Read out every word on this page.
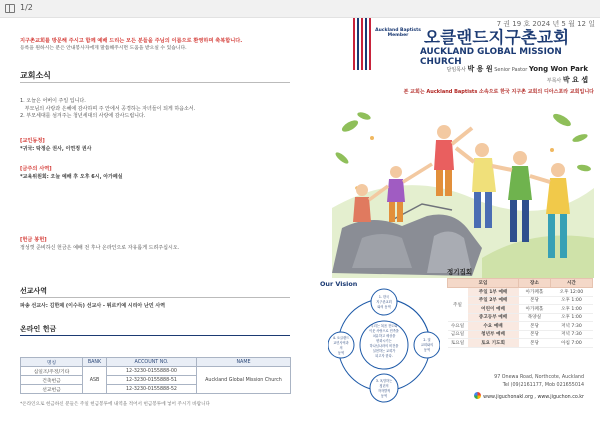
1/2
지구촌교회를 방문해 주시고 함께 예배 드리는 모든 분들을 주님의 이름으로 환영하며 축복합니다.
등록을 원하시는 분은 안내봉사자에게 말씀해주시면 도움을 받으실 수 있습니다.
교회소식
1. 오늘은 어버이 주일 입니다.
부모님의 사랑과 은혜에 감사하며 주 안에서 공경하는 자녀들이 되게 하옵소서.
2. 부모세대를 섬겨주는 청년세대의 사랑에 감사드립니다.
[교인동정]
*귀국: 탁정순 권사, 이연정 권사
[금주의 사역]
*교육위원회: 오늘 예배 후 오후 6시, 아가페실
[헌금 봉헌]
정성껏 준비하신 헌금은 예배 전 후나 온라인으로 자유롭게 드려주십시오.
선교사역
파송 선교사: 김한제 (이수득) 선교사 - 튀르키예 시리아 난민 사역
온라인 헌금
명칭	BANK	ACCOUNT NO.	NAME
십일조/주정/기타	ASB	12-3230-0155888-00	Auckland Global Mission Church
건축헌금		12-3230-0155888-51	
선교헌금		12-3230-0155888-52	
*온라인으로 헌금하신 분들은 주일 헌금봉투에 내역을 적어서 헌금봉투에 넣어 주시기 바랍니다
7 권 19 호 2024 년 5 월 12 일
Auckland Baptists Member 오클랜드지구촌교회
AUCKLAND GLOBAL MISSION CHURCH
담임목사 박 용 원 Senior Pastor Yong Won Park
부목사 박 요 셉
본 교회는 Auckland Baptists 소속으로 한국 지구촌 교회의 디아스포라 교회입니다
Our Vision
우리는 복음 전도와
이웃 사랑으로 민족을
치유하고 세상을
변화시키는
하나님나라의 비전을
실현하는 교회가
되고자 한다.
1. 한국
지구촌교회
와의 동역
2. 열
교회와의
동역
3. 욕망하는
청년의
자자발적
동역
4. 오클랜드
교민사역과
의
동역
정기집회
모임		장소	시간
주일	주일 1부 예배	아가페홀	오후 12:00
	주일 2부 예배	본당	오후 1:00
	어린이 예배	아가페홀	오후 1:00
	중고등부 예배	목양실	오후 1:00
수요일	수요 예배	본당	저녁 7:30
금요일	청년부 예배	본당	저녁 7:30
토요일	토요 기도회	본당	아침 7:00
97 Onewa Road, Northcote, Auckland
Tel (09)2161177, Mob 021655014
www.jiguchonakl.org , www.jiguchon.co.kr
